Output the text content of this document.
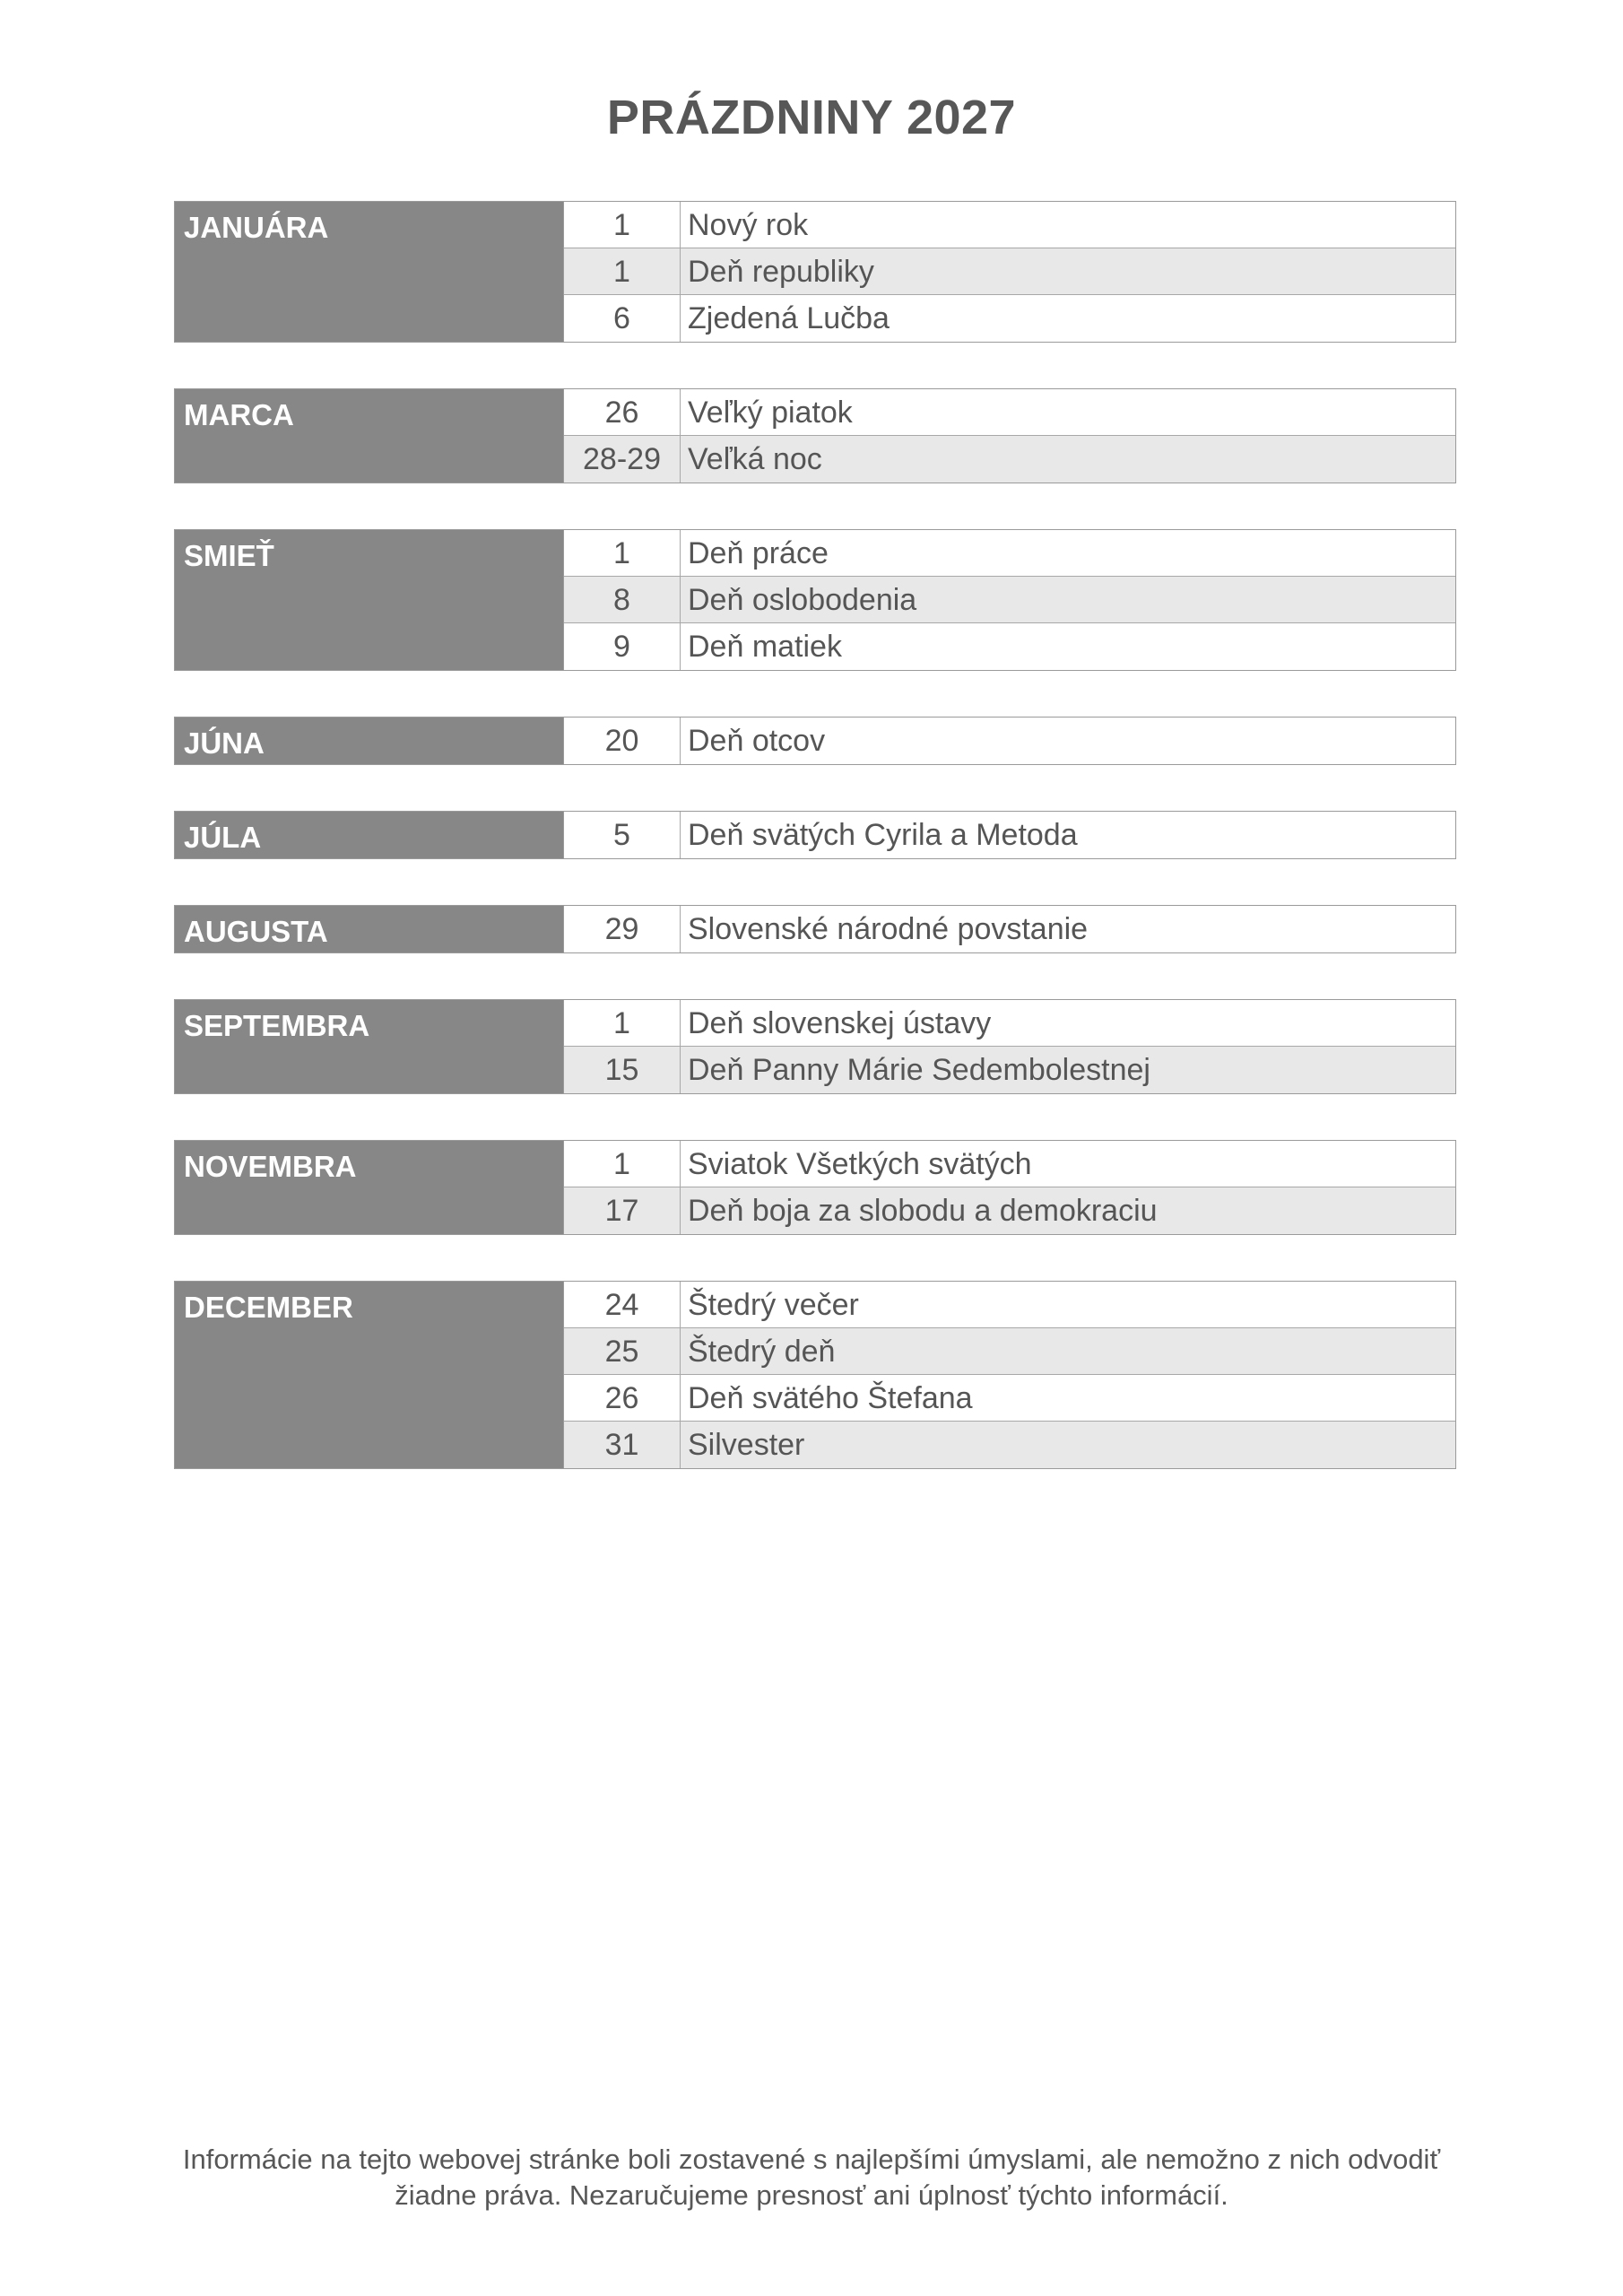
PRÁZDNINY 2027
JANUÁRA	1	Nový rok
1	Deň republiky
6	Zjedená Lučba
MARCA	26	Veľký piatok
28-29 Veľká noc
SMIEŤ	1	Deň práce
8	Deň oslobodenia
9	Deň matiek
JÚNA	20	Deň otcov
JÚLA	5	Deň svätých Cyrila a Metoda
AUGUSTA	29	Slovenské národné povstanie
SEPTEMBRA	1	Deň slovenskej ústavy
15	Deň Panny Márie Sedembolestnej
NOVEMBRA	1	Sviatok Všetkých svätých
17	Deň boja za slobodu a demokraciu
DECEMBER	24	Štedrý večer
25	Štedrý deň
26	Deň svätého Štefana
31	Silvester
Informácie na tejto webovej stránke boli zostavené s najlepšími úmyslami, ale nemožno z nich odvodiť
žiadne práva. Nezaručujeme presnosť ani úplnosť týchto informácií.
